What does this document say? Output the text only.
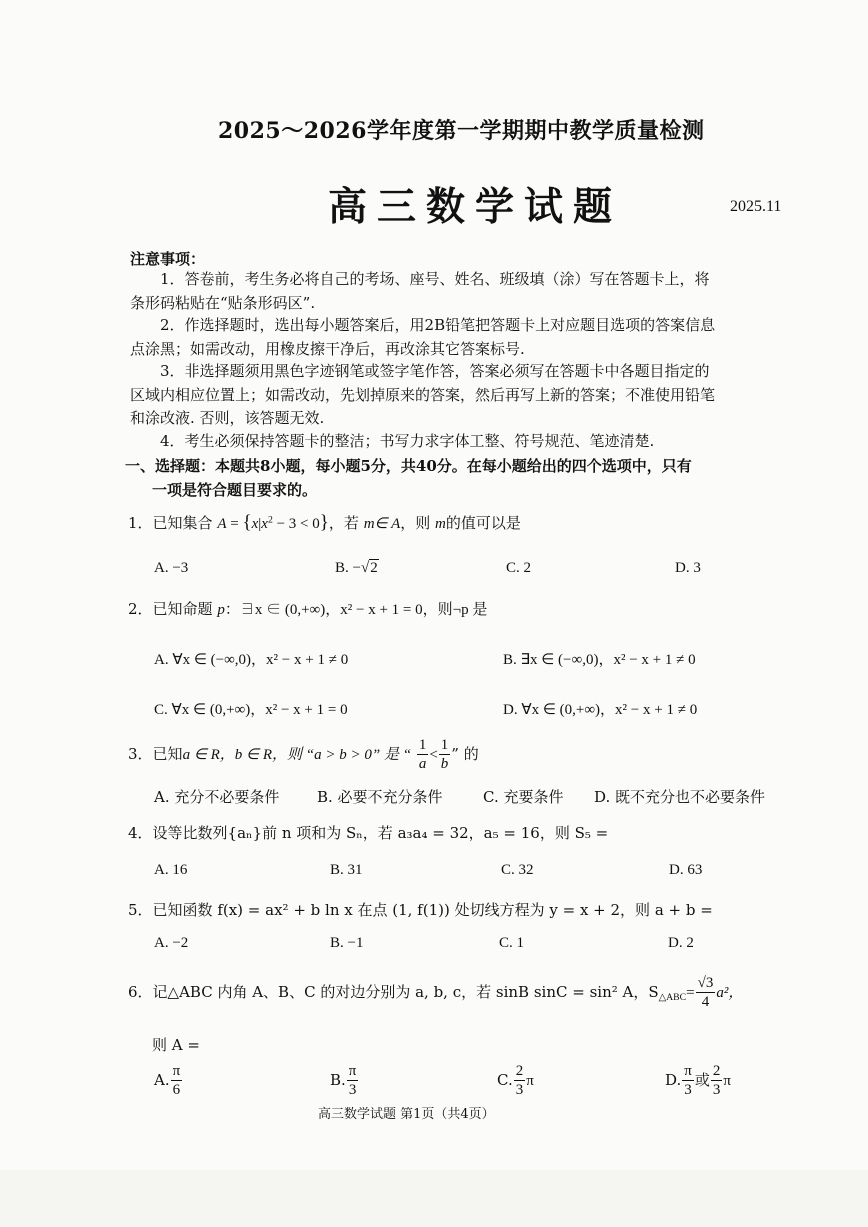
2025～2026学年度第一学期期中教学质量检测
高三数学试题	2025.11
注意事项：
1．答卷前，考生务必将自己的考场、座号、姓名、班级填（涂）写在答题卡上，将
条形码粘贴在“贴条形码区”.
2．作选择题时，选出每小题答案后，用2B铅笔把答题卡上对应题目选项的答案信息
点涂黑；如需改动，用橡皮擦干净后，再改涂其它答案标号.
3．非选择题须用黑色字迹钢笔或签字笔作答，答案必须写在答题卡中各题目指定的
区域内相应位置上；如需改动，先划掉原来的答案，然后再写上新的答案；不准使用铅笔
和涂改液. 否则，该答题无效.
4．考生必须保持答题卡的整洁；书写力求字体工整、符号规范、笔迹清楚.
一、选择题：本题共8小题，每小题5分，共40分。在每小题给出的四个选项中，只有
一项是符合题目要求的。
1．已知集合 $A = \{x|x^2 - 3 < 0\}$，若 m∈ A，则 m的值可以是
A. −3	B. −√2	C. 2	D. 3
2．已知命题 p：∃x ∈ (0,+∞)，x² − x + 1 = 0，则¬p 是
A. ∀x ∈ (−∞,0)，x² − x + 1 ≠ 0	B. ∃x ∈ (−∞,0)，x² − x + 1 ≠ 0
C. ∀x ∈ (0,+∞)，x² − x + 1 = 0	D. ∀x ∈ (0,+∞)，x² − x + 1 ≠ 0
3．已知a ∈ R，b ∈ R，则 “a > b > 0” 是 “ $\frac{1}{a} < \frac{1}{b}$ ” 的
A. 充分不必要条件	B. 必要不充分条件	C. 充要条件 D. 既不充分也不必要条件
4．设等比数列{aₙ}前 n 项和为 Sₙ，若 a₃a₄ = 32，a₅ = 16，则 S₅ =
A. 16	B. 31	C. 32	D. 63
5．已知函数 f(x) = ax² + b ln x 在点 (1, f(1)) 处切线方程为 y = x + 2，则 a + b =
A. −2	B. −1	C. 1	D. 2
6．记△ABC 内角 A、B、C 的对边分别为 a, b, c，若 sinB sinC = sin² A，$S_{\triangle ABC}= \frac{√3}{4} a^2$，
则 A =
A. $\frac{\pi}{6}$	B. $\frac{\pi}{3}$	C. $\frac{2}{3}$ π	D. $\frac{\pi}{3}$ 或 $\frac{2}{3}$ π
高三数学试题 第1页（共4页）
